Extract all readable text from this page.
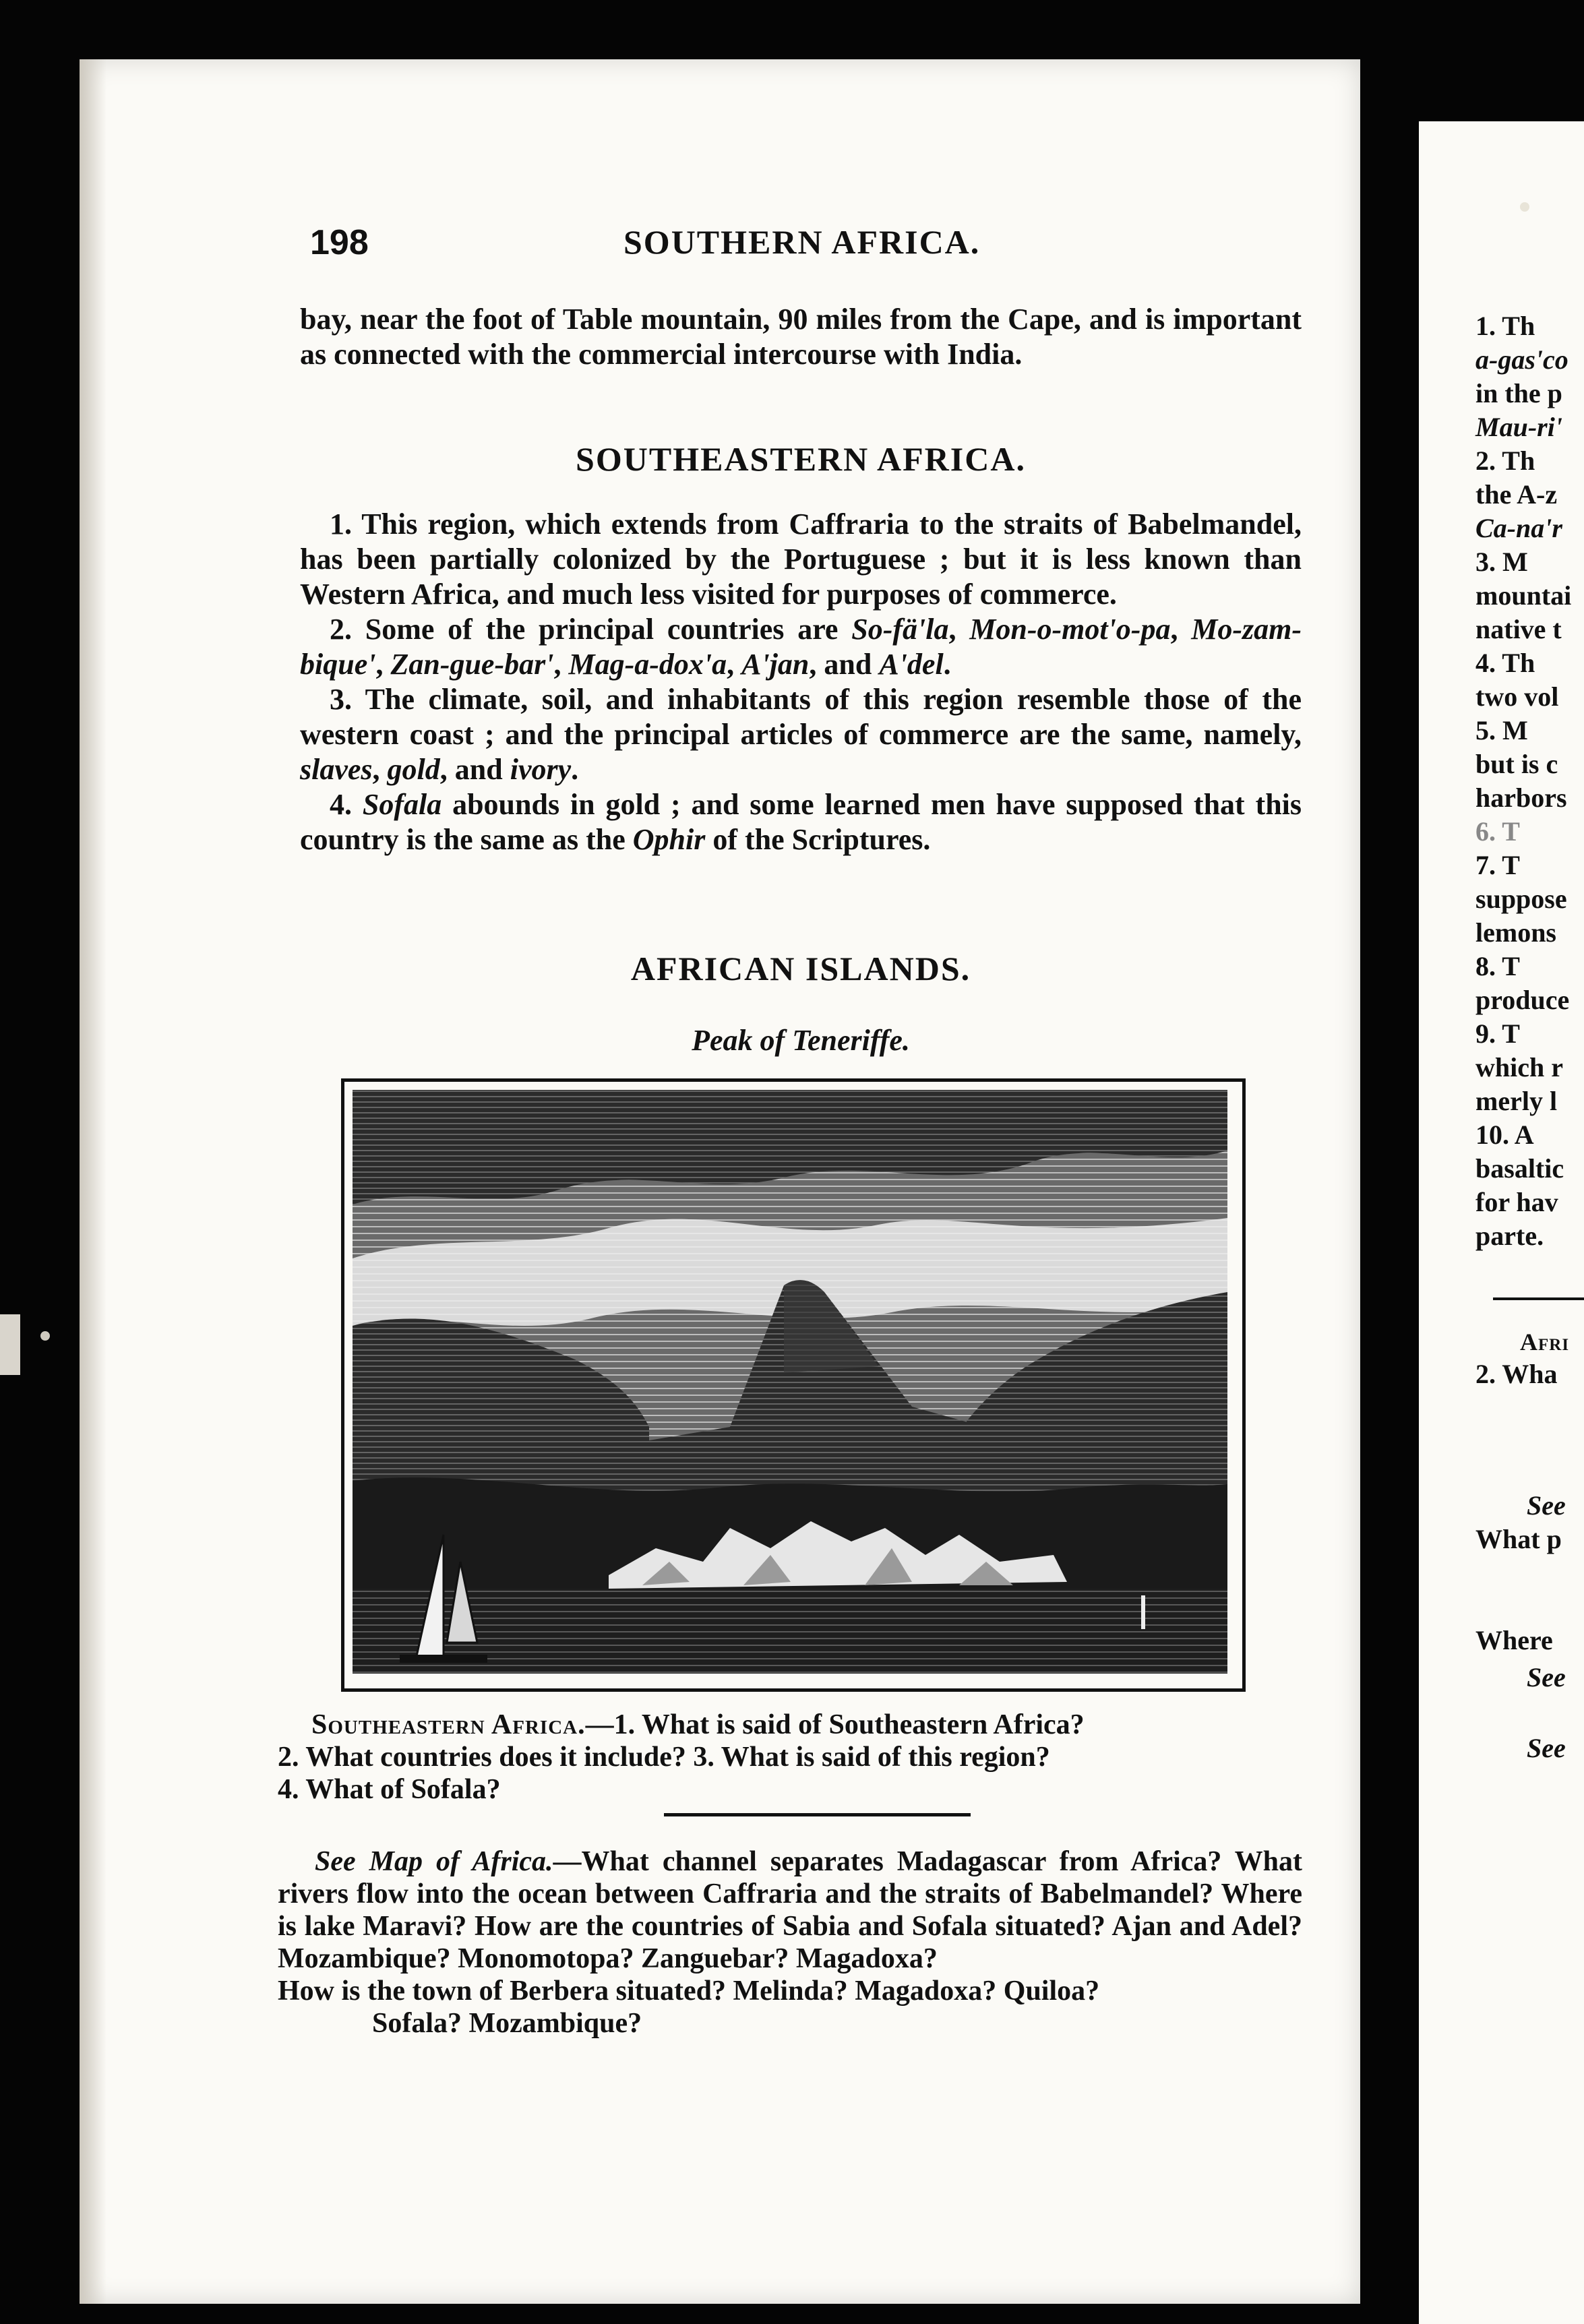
198	SOUTHERN AFRICA.

bay, near the foot of Table mountain, 90 miles from the Cape, and is important as connected with the commercial intercourse with India.

SOUTHEASTERN AFRICA.

1. This region, which extends from Caffraria to the straits of Babelmandel, has been partially colonized by the Portuguese ; but it is less known than Western Africa, and much less visited for purposes of commerce.

2. Some of the principal countries are So-fä'la, Mon-o-mot'o-pa, Mo-zam-bique', Zan-gue-bar', Mag-a-dox'a, A'jan, and A'del.

3. The climate, soil, and inhabitants of this region resemble those of the western coast ; and the principal articles of commerce are the same, namely, slaves, gold, and ivory.

4. Sofala abounds in gold ; and some learned men have supposed that this country is the same as the Ophir of the Scriptures.

AFRICAN ISLANDS.
Peak of Teneriffe.
Southeastern Africa.—1. What is said of Southeastern Africa?
2. What countries does it include? 3. What is said of this region?
4. What of Sofala?

See Map of Africa.—What channel separates Madagascar from Africa? What rivers flow into the ocean between Caffraria and the straits of Babelmandel? Where is lake Maravi? How are the countries of Sabia and Sofala situated? Ajan and Adel? Mozambique? Monomotopa? Zanguebar? Magadoxa?

How is the town of Berbera situated? Melinda? Magadoxa? Quiloa?
Sofala? Mozambique?
1. Th
a-gas'co
in the p
Mau-ri'
2. Th
the A-z
Ca-na'r
3. M
mountai
native t
4. Th
two vol
5. M
but is c
harbors
6. T
7. T
suppose
lemons
8. T
produce
9. T
which r
merly l
10. A
basaltic
for hav
parte.
Afri
2. Wha
See
What p
Where
See
See
